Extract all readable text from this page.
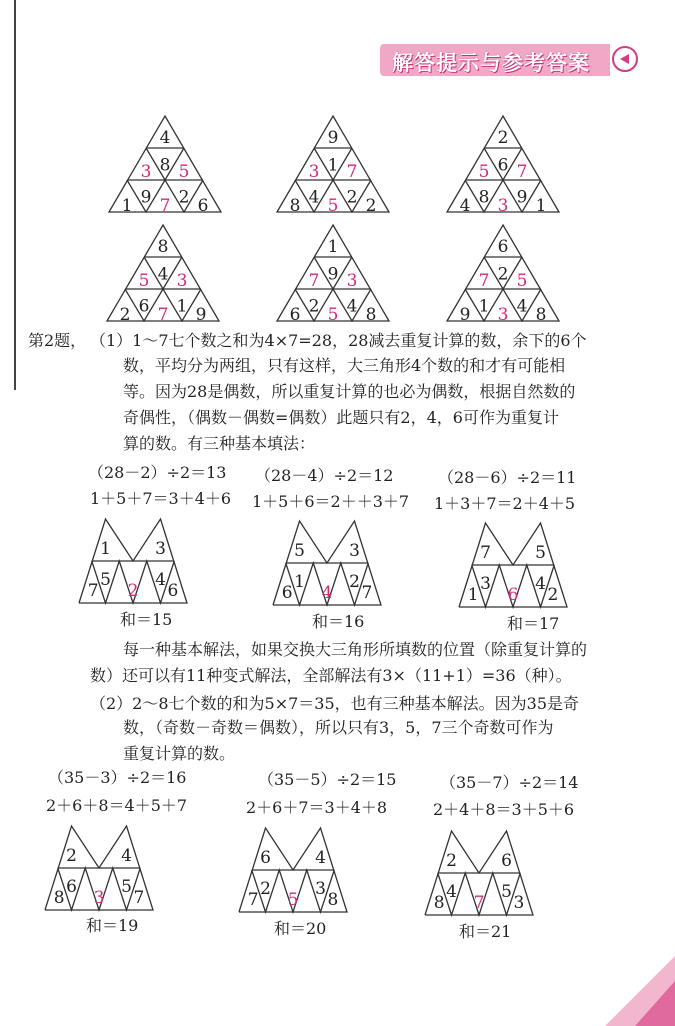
解答提示与参考答案
4
3 8 5
1 9 7 2 6
9
3 1 7
8 4 5 2 2
2
5 6 7
4 8 3 9 1
8
5 4 3
2 6 7 1 9
1
7 9 3
6 2 5 4 8
6
7 2 5
9 1 3 4 8
第2题， （1）1～7七个数之和为4×7=28，28减去重复计算的数，余下的6个
数，平均分为两组，只有这样，大三角形4个数的和才有可能相
等。因为28是偶数，所以重复计算的也必为偶数，根据自然数的
奇偶性，（偶数－偶数=偶数）此题只有2，4，6可作为重复计
算的数。有三种基本填法：
（28－2）÷2＝13 （28－4）÷2＝12	（28－6）÷2＝11
1＋5＋7＝3＋4＋6 1＋5＋6＝2＋＋3＋7 1＋3＋7＝2＋4＋5
1	3
7
5
2
4
6
5	3
6
1
4
2
7
7	5
1
3
6
4
2
和＝15	和＝16	和＝17
每一种基本解法，如果交换大三角形所填数的位置（除重复计算的
数）还可以有11种变式解法，全部解法有3×（11+1）=36（种）。
（2）2～8七个数的和为5×7＝35，也有三种基本解法。因为35是奇
数，（奇数－奇数＝偶数），所以只有3，5，7三个奇数可作为
重复计算的数。
（35－3）÷2＝16	（35－5）÷2＝15	（35－7）÷2＝14
2＋6＋8＝4＋5＋7	2＋6＋7＝3＋4＋8	2＋4＋8＝3＋5＋6
2	4
8
6
3
5
7
6	4
7
2
5
3
8
2	6
8
4
7
5
3
和＝19	和＝20	和＝21
